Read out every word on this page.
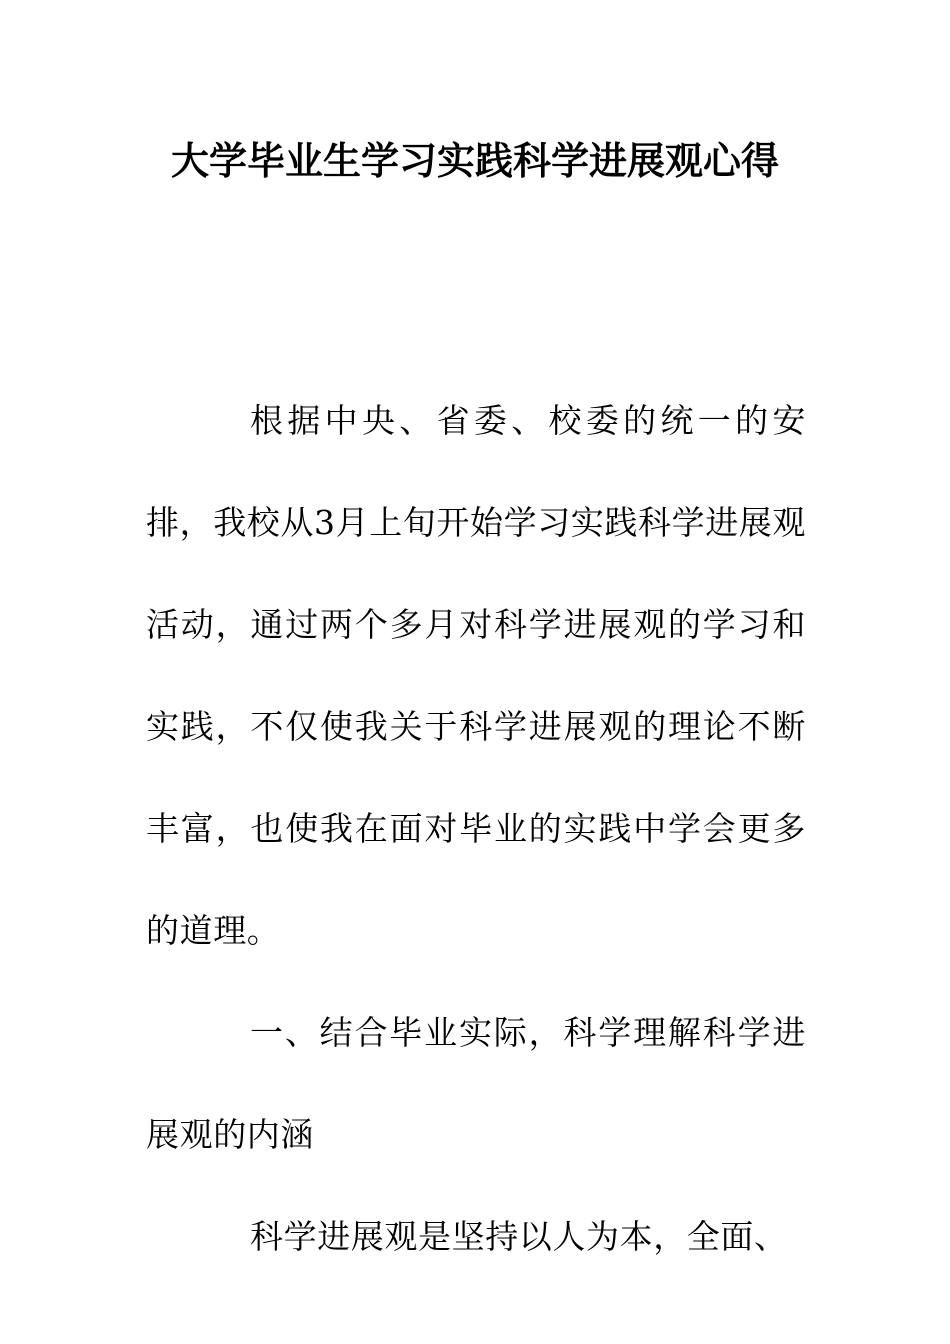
大学毕业生学习实践科学进展观心得

根据中央、省委、校委的统一的安排，我校从3月上旬开始学习实践科学进展观活动，通过两个多月对科学进展观的学习和实践，不仅使我关于科学进展观的理论不断丰富，也使我在面对毕业的实践中学会更多的道理。

一、结合毕业实际，科学理解科学进展观的内涵

科学进展观是坚持以人为本，全面、
